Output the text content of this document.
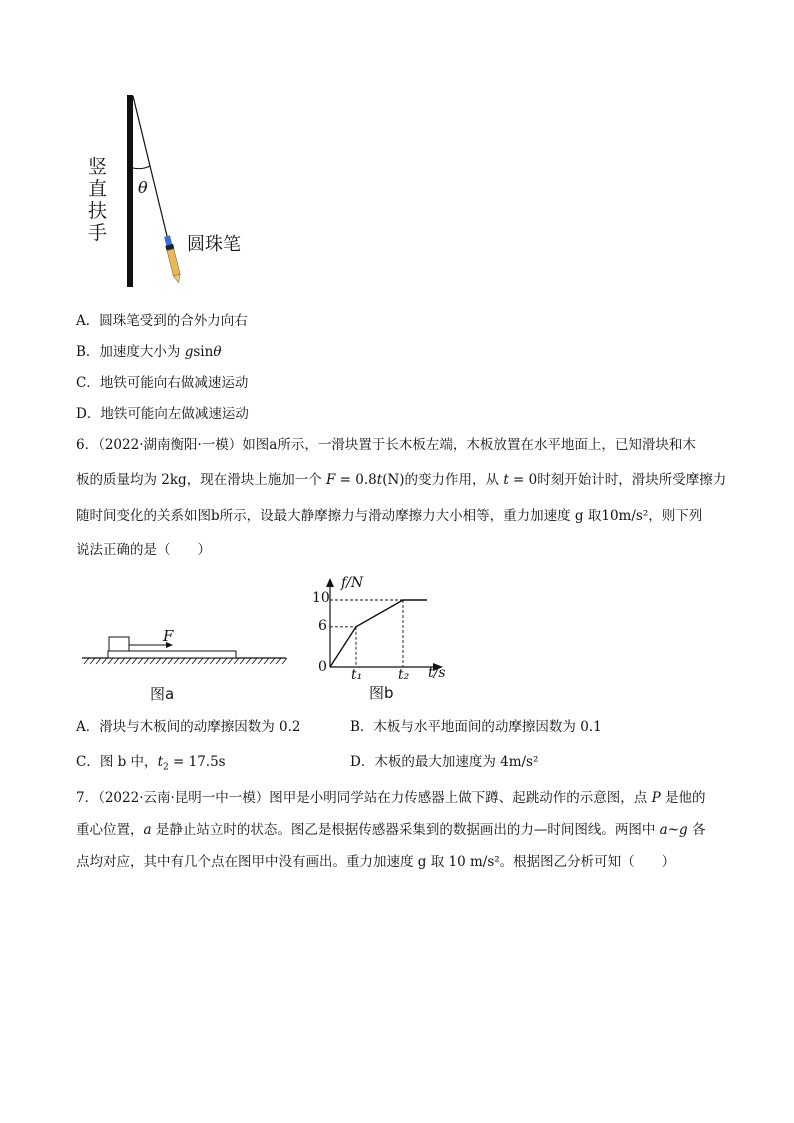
竖
直
扶
手
θ
圆珠笔
A．圆珠笔受到的合外力向右
B．加速度大小为 gsinθ
C．地铁可能向右做减速运动
D．地铁可能向左做减速运动
6．（2022·湖南衡阳·一模）如图a所示，一滑块置于长木板左端，木板放置在水平地面上，已知滑块和木
板的质量均为 2kg，现在滑块上施加一个 F = 0.8t(N)的变力作用，从 t = 0时刻开始计时，滑块所受摩擦力
随时间变化的关系如图b所示，设最大静摩擦力与滑动摩擦力大小相等，重力加速度 g 取10m/s²，则下列
说法正确的是（　　）
F
图a
f/N
10
6
0 t₁	t₂ t/s
图b
A．滑块与木板间的动摩擦因数为 0.2	B．木板与水平地面间的动摩擦因数为 0.1
C．图 b 中，$t_2 = 17.5s$	D．木板的最大加速度为 4m/s²
7．（2022·云南·昆明一中一模）图甲是小明同学站在力传感器上做下蹲、起跳动作的示意图，点 P 是他的
重心位置，a 是静止站立时的状态。图乙是根据传感器采集到的数据画出的力—时间图线。两图中 a~g 各
点均对应，其中有几个点在图甲中没有画出。重力加速度 g 取 10 m/s²。根据图乙分析可知（　　）
